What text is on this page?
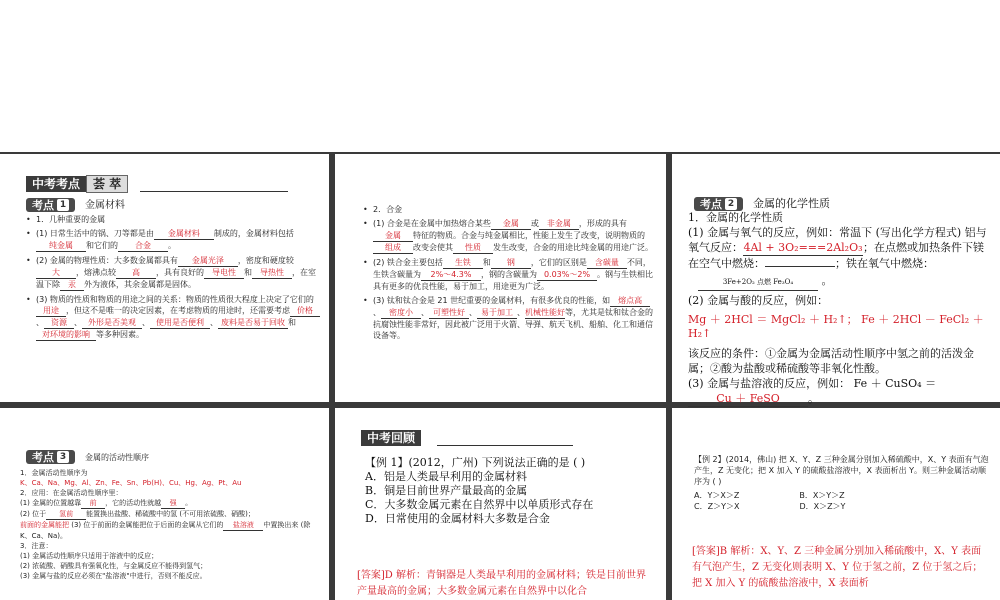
中考考点	荟 萃
考点 1 金属材料
• 1．几种重要的金属
• (1) 日常生活中的锅、刀等都是由 金属材料 制成的，金属材料包括纯金属 和它们的 合金 。
• (2) 金属的物理性质：大多数金属都具有 金属光泽 ，密度和硬度较大 ，熔沸点较 高 ，具有良好的 导电性 和 导热性 ，在室温下除 汞 外为液体，其余金属都是固体。
• (3) 物质的性质和物质的用途之间的关系：物质的性质很大程度上决定了它们的用途 ，但这不是唯一的决定因素，在考虑物质的用途时，还需要考虑 价格、 资源 、 外形是否美观 、 使用是否便利 、 废料是否易于回收 和对环境的影响 等多种因素。
• 2．合金
• (1) 合金是在金属中加热熔合某些 金属 或 非金属 ，形成的具有金属 特征的物质。合金与纯金属相比，性能上发生了改变，说明物质的组成 改变会使其 性质 发生改变，合金的用途比纯金属的用途广泛。
• (2) 铁合金主要包括 生铁 和 钢 ，它们的区别是 含碳量 不同，生铁含碳量为 2%～4.3% ，钢的含碳量为 0.03%～2% 。钢与生铁相比具有更多的优良性能，易于加工，用途更为广泛。
• (3) 钛和钛合金是 21 世纪重要的金属材料，有很多优良的性能，如 熔点高、 密度小 、 可塑性好 、 易于加工 、机械性能好等，尤其是钛和钛合金的抗腐蚀性能非常好，因此被广泛用于火箭、导弹、航天飞机、船舶、化工和通信设备等。
考点 2 金属的化学性质
1．金属的化学性质
(1) 金属与氧气的反应，例如：常温下 (写出化学方程式) 铝与氧气反应：4Al + 3O₂===2Al₂O₃；在点燃或加热条件下镁在空气中燃烧：	；铁在氧气中燃烧：
3Fe+2O₂ 点燃 Fe₃O₄ 。
(2) 金属与酸的反应，例如：
Mg ＋ 2HCl ＝ MgCl₂ ＋ H₂↑； Fe ＋ 2HCl － FeCl₂ ＋ H₂↑
该反应的条件：①金属为金属活动性顺序中氢之前的活泼金属；②酸为盐酸或稀硫酸等非氧化性酸。
(3) 金属与盐溶液的反应，例如： Fe ＋ CuSO₄ ＝ Cu ＋ FeSO	。
考点 3	金属的活动性顺序
1．金属活动性顺序为
K、Ca、Na、Mg、Al、Zn、Fe、Sn、Pb(H)、Cu、Hg、Ag、Pt、Au
2．应用：在金属活动性顺序里：
(1) 金属的位置越靠 前 ，它的活动性就越 强 。
(2) 位于 氢前 能置换出盐酸、稀硫酸中的氢 (不可用浓硫酸、硝酸)；
前面的金属能把 (3) 位于前面的金属能把位于后面的金属从它们的 盐溶液 中置换出来 (除 K、Ca、Na)。
3．注意：
(1) 金属活动性顺序只适用于溶液中的反应；
(2) 浓硫酸、硝酸具有强氧化性，与金属反应不能得到氢气；
(3) 金属与盐的反应必须在"盐溶液"中进行，否则不能反应。
中考回顾
【例 1】(2012，广州) 下列说法正确的是 ( )
A．铝是人类最早利用的金属材料
B．铜是目前世界产量最高的金属
C．大多数金属元素在自然界中以单质形式存在
D．日常使用的金属材料大多数是合金
[答案]D 解析：青铜器是人类最早利用的金属材料；铁是目前世界产量最高的金属；大多数金属元素在自然界中以化合
【例 2】(2014，佛山) 把 X、Y、Z 三种金属分别加入稀硫酸中，X、Y 表面有气泡产生，Z 无变化；把 X 加入 Y 的硫酸盐溶液中，X 表面析出 Y。则三种金属活动顺序为 ( )
A．Y＞X＞Z	B．X＞Y＞Z
C．Z＞Y＞X	D．X＞Z＞Y
[答案]B 解析：X、Y、Z 三种金属分别加入稀硫酸中，X、Y 表面有气泡产生，Z 无变化则表明 X、Y 位于氢之前，Z 位于氢之后；把 X 加入 Y 的硫酸盐溶液中，X 表面析
